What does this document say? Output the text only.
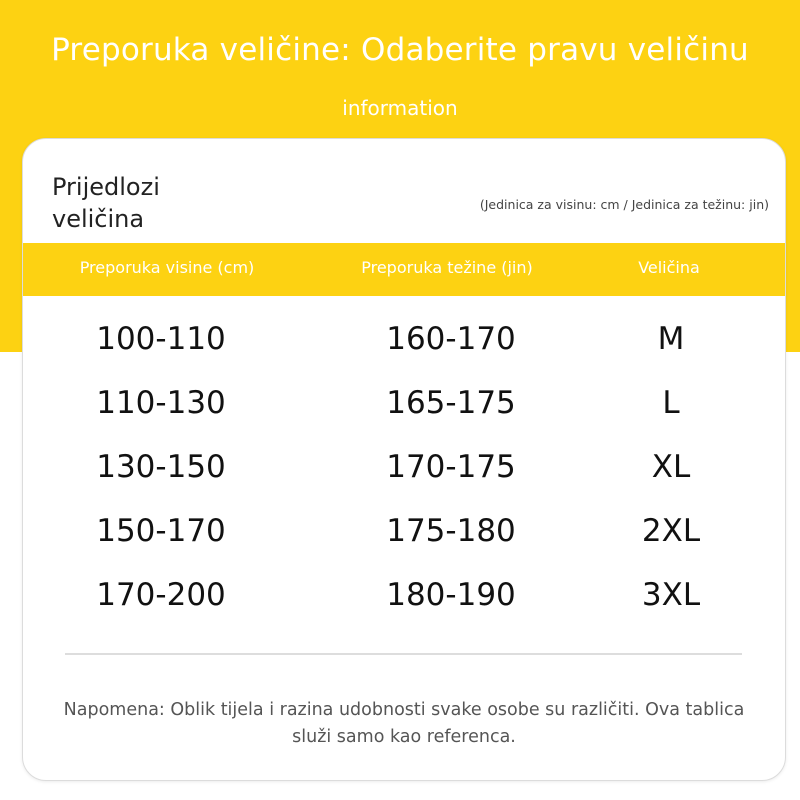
Preporuka veličine: Odaberite pravu veličinu
information
Prijedlozi
veličina
(Jedinica za visinu: cm / Jedinica za težinu: jin)
Preporuka visine (cm)	Preporuka težine (jin)	Veličina
100-110	160-170	M
110-130	165-175	L
130-150	170-175	XL
150-170	175-180	2XL
170-200	180-190	3XL
Napomena: Oblik tijela i razina udobnosti svake osobe su različiti. Ova tablica služi samo kao referenca.
